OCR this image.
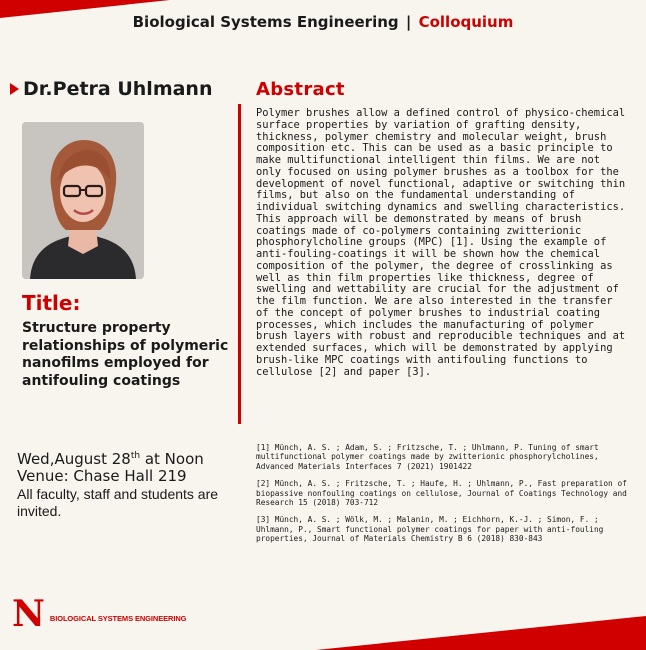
Biological Systems Engineering | Colloquium
Dr.Petra Uhlmann
Title:
Structure property relationships of polymeric nanofilms employed for antifouling coatings
Wed,August 28th at Noon
Venue: Chase Hall 219
All faculty, staff and students are invited.
Abstract
Polymer brushes allow a defined control of physico-chemical surface properties by variation of grafting density, thickness, polymer chemistry and molecular weight, brush composition etc. This can be used as a basic principle to make multifunctional intelligent thin films. We are not only focused on using polymer brushes as a toolbox for the development of novel functional, adaptive or switching thin films, but also on the fundamental understanding of individual switching dynamics and swelling characteristics. This approach will be demonstrated by means of brush coatings made of co-polymers containing zwitterionic phosphorylcholine groups (MPC) [1]. Using the example of anti-fouling-coatings it will be shown how the chemical composition of the polymer, the degree of crosslinking as well as thin film properties like thickness, degree of swelling and wettability are crucial for the adjustment of the film function. We are also interested in the transfer of the concept of polymer brushes to industrial coating processes, which includes the manufacturing of polymer brush layers with robust and reproducible techniques and at extended surfaces, which will be demonstrated by applying brush-like MPC coatings with antifouling functions to cellulose [2] and paper [3].

[1] Münch, A. S. ; Adam, S. ; Fritzsche, T. ; Uhlmann, P. Tuning of smart multifunctional polymer coatings made by zwitterionic phosphorylcholines, Advanced Materials Interfaces 7 (2021) 1901422

[2] Münch, A. S. ; Fritzsche, T. ; Haufe, H. ; Uhlmann, P., Fast preparation of biopassive nonfouling coatings on cellulose, Journal of Coatings Technology and Research 15 (2018) 703-712

[3] Münch, A. S. ; Wölk, M. ; Malanin, M. ; Eichhorn, K.-J. ; Simon, F. ; Uhlmann, P., Smart functional polymer coatings for paper with anti-fouling properties, Journal of Materials Chemistry B 6 (2018) 830-843

N BIOLOGICAL SYSTEMS ENGINEERING
